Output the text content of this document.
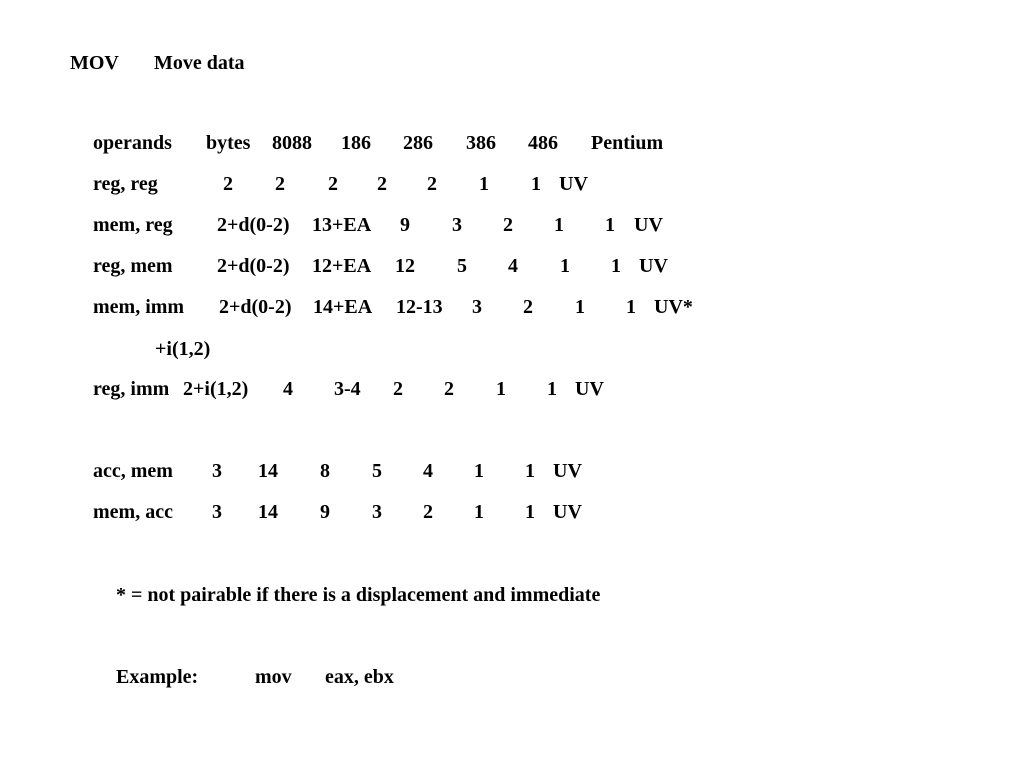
MOV

Move data

operands bytes 8088 186 286 386 486 Pentium
reg, reg	2 2 2 2 2 1 1 UV
mem, reg 2+d(0-2) 13+EA 9 3 2 1 1 UV
reg, mem 2+d(0-2) 12+EA 12 5 4 1 1 UV
mem, imm 2+d(0-2) 14+EA 12-13 3 2 1 1 UV*
+i(1,2)
reg, imm 2+i(1,2) 4 3-4 2 2 1 1 UV
acc, mem 3 14 8 5 4 1 1 UV
mem, acc 3 14 9 3 2 1 1 UV
* = not pairable if there is a displacement and immediate

Example:

	mov

eax, ebx
